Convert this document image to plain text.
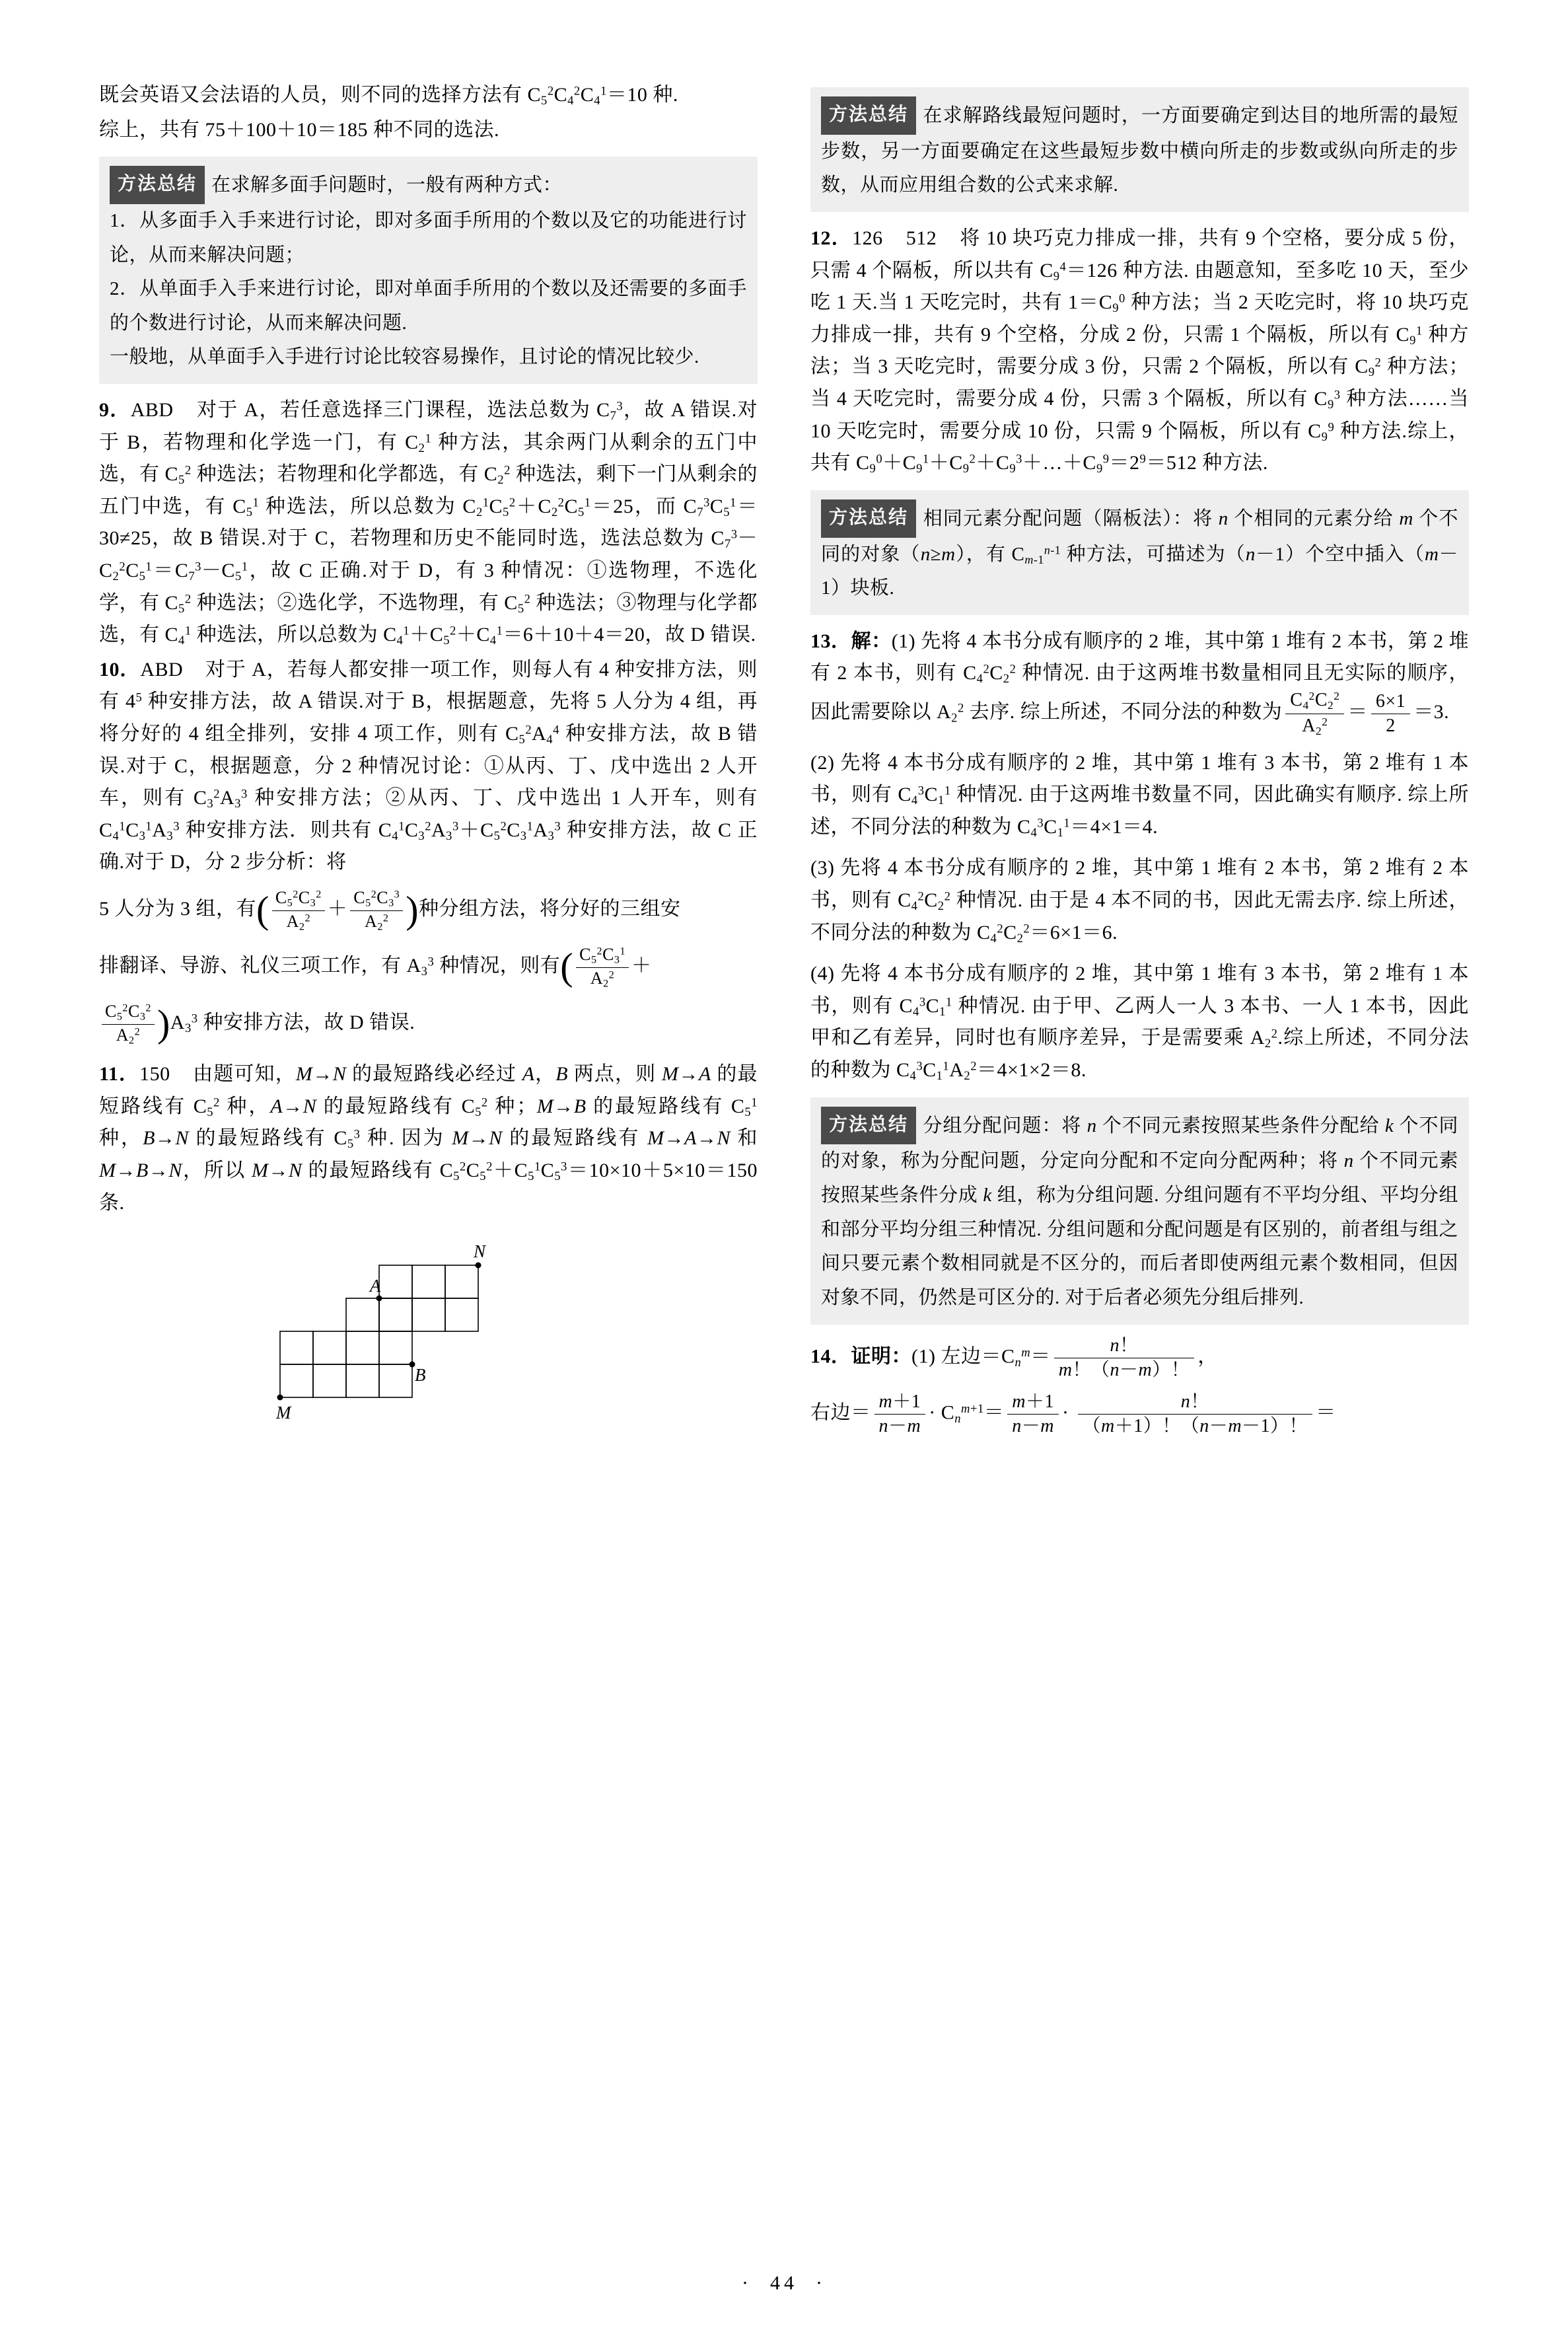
既会英语又会法语的人员，则不同的选择方法有 $C_5^2C_4^2C_4^1=10$ 种.
综上，共有 75＋100＋10＝185 种不同的选法.
方法总结 在求解多面手问题时，一般有两种方式：
1．从多面手入手来进行讨论，即对多面手所用的个数以及它的功能进行讨论，从而来解决问题；
2．从单面手入手来进行讨论，即对单面手所用的个数以及还需要的多面手的个数进行讨论，从而来解决问题.
一般地，从单面手入手进行讨论比较容易操作，且讨论的情况比较少.
9．ABD    对于 A，若任意选择三门课程，选法总数为 $C_7^3$，故 A 错误.对于 B，若物理和化学选一门，有 $C_2^1$ 种方法，其余两门从剩余的五门中选，有 $C_5^2$ 种选法；若物理和化学都选，有 $C_2^2$ 种选法，剩下一门从剩余的五门中选，有 $C_5^1$ 种选法，所以总数为 $C_2^1C_5^2+C_2^2C_5^1=25$，而 $C_7^3C_5^1=30\ne 25$，故 B 错误.对于 C，若物理和历史不能同时选，选法总数为 $C_7^3-C_2^2C_5^1=C_7^3-C_5^1$，故 C 正确.对于 D，有 3 种情况：①选物理，不选化学，有 $C_5^2$ 种选法；②选化学，不选物理，有 $C_5^2$ 种选法；③物理与化学都选，有 $C_4^1$ 种选法，所以总数为 $C_4^1+C_5^2+C_4^1=6+10+4=20$，故 D 错误.
10．ABD    对于 A，若每人都安排一项工作，则每人有 4 种安排方法，则有 $4^5$ 种安排方法，故 A 错误.对于 B，根据题意，先将 5 人分为 4 组，再将分好的 4 组全排列，安排 4 项工作，则有 $C_5^2A_4^4$ 种安排方法，故 B 错误.对于 C，根据题意，分 2 种情况讨论：①从丙、丁、戊中选出 2 人开车，则有 $C_3^2A_3^3$ 种安排方法；②从丙、丁、戊中选出 1 人开车，则有 $C_4^1C_3^1A_3^3$ 种安排方法．则共有 $C_4^1C_3^2A_3^3+C_5^2C_3^1A_3^3$ 种安排方法，故 C 正确.对于 D，分 2 步分析：将
5 人分为 3 组，有( $\frac{C_5^2C_3^2}{A_2^2} + \frac{C_5^2C_3^3}{A_2^2}$ )种分组方法，将分好的三组安
排翻译、导游、礼仪三项工作，有 $A_3^3$ 种情况，则有( $\frac{C_5^2C_3^1}{A_2^2}$ ＋
$\frac{C_5^2C_3^2}{A_2^2} )A_3^3$ 种安排方法，故 D 错误.
11．150    由题可知，M→N 的最短路线必经过 A，B 两点，则 M→A 的最短路线有 $C_5^2$ 种，A→N 的最短路线有 $C_5^2$ 种；M→B 的最短路线有 $C_5^1$ 种，B→N 的最短路线有 $C_5^3$ 种. 因为 M→N 的最短路线有 M→A→N 和 M→B→N，所以 M→N 的最短路线有 $C_5^2C_5^2+C_5^1C_5^3=10\times 10+5\times 10=150$ 条.
M
N
A
B
方法总结 在求解路线最短问题时，一方面要确定到达目的地所需的最短步数，另一方面要确定在这些最短步数中横向所走的步数或纵向所走的步数，从而应用组合数的公式来求解.
12．126 512    将 10 块巧克力排成一排，共有 9 个空格，要分成 5 份，只需 4 个隔板，所以共有 $C_9^4=126$ 种方法. 由题意知，至多吃 10 天，至少吃 1 天.当 1 天吃完时，共有 $1=C_9^0$ 种方法；当 2 天吃完时，将 10 块巧克力排成一排，共有 9 个空格，分成 2 份，只需 1 个隔板，所以有 $C_9^1$ 种方法；当 3 天吃完时，需要分成 3 份，只需 2 个隔板，所以有 $C_9^2$ 种方法；当 4 天吃完时，需要分成 4 份，只需 3 个隔板，所以有 $C_9^3$ 种方法……当 10 天吃完时，需要分成 10 份，只需 9 个隔板，所以有 $C_9^9$ 种方法.综上，共有 $C_9^0+C_9^1+C_9^2+C_9^3+\dots+C_9^9=2^9=512$ 种方法.
方法总结 相同元素分配问题（隔板法）：将 n 个相同的元素分给 m 个不同的对象（n≥m），有 $C_{m-1}^{n-1}$ 种方法，可描述为（n－1）个空中插入（m－1）块板.
13．解：(1) 先将 4 本书分成有顺序的 2 堆，其中第 1 堆有 2 本书，第 2 堆有 2 本书，则有 $C_4^2C_2^2$ 种情况. 由于这两堆书数量相同且无实际的顺序，因此需要除以 $A_2^2$ 去序. 综上所述，不同分法的种数为 $\frac{C_4^2C_2^2}{A_2^2} = \frac{6\times 1}{2} =3$.
(2) 先将 4 本书分成有顺序的 2 堆，其中第 1 堆有 3 本书，第 2 堆有 1 本书，则有 $C_4^3C_1^1$ 种情况. 由于这两堆书数量不同，因此确实有顺序. 综上所述，不同分法的种数为 $C_4^3C_1^1=4\times 1=4$.
(3) 先将 4 本书分成有顺序的 2 堆，其中第 1 堆有 2 本书，第 2 堆有 2 本书，则有 $C_4^2C_2^2$ 种情况. 由于是 4 本不同的书，因此无需去序. 综上所述，不同分法的种数为 $C_4^2C_2^2=6\times 1=6$.
(4) 先将 4 本书分成有顺序的 2 堆，其中第 1 堆有 3 本书，第 2 堆有 1 本书，则有 $C_4^3C_1^1$ 种情况. 由于甲、乙两人一人 3 本书、一人 1 本书，因此甲和乙有差异，同时也有顺序差异，于是需要乘 $A_2^2$.综上所述，不同分法的种数为 $C_4^3C_1^1A_2^2=4\times 1\times 2=8$.
方法总结 分组分配问题：将 n 个不同元素按照某些条件分配给 k 个不同的对象，称为分配问题，分定向分配和不定向分配两种；将 n 个不同元素按照某些条件分成 k 组，称为分组问题. 分组问题有不平均分组、平均分组和部分平均分组三种情况. 分组问题和分配问题是有区别的，前者组与组之间只要元素个数相同就是不区分的，而后者即使两组元素个数相同，但因对象不同，仍然是可区分的. 对于后者必须先分组后排列.
14．证明：(1) 左边$=C_n^m= \frac{n!}{m!(n-m)!}$ ，
右边＝ $\frac{m+1}{n-m} \cdot C_n^{m+1}= \frac{m+1}{n-m} \cdot \frac{n!}{(m+1)!(n-m-1)!}$ ＝
·  44  ·
